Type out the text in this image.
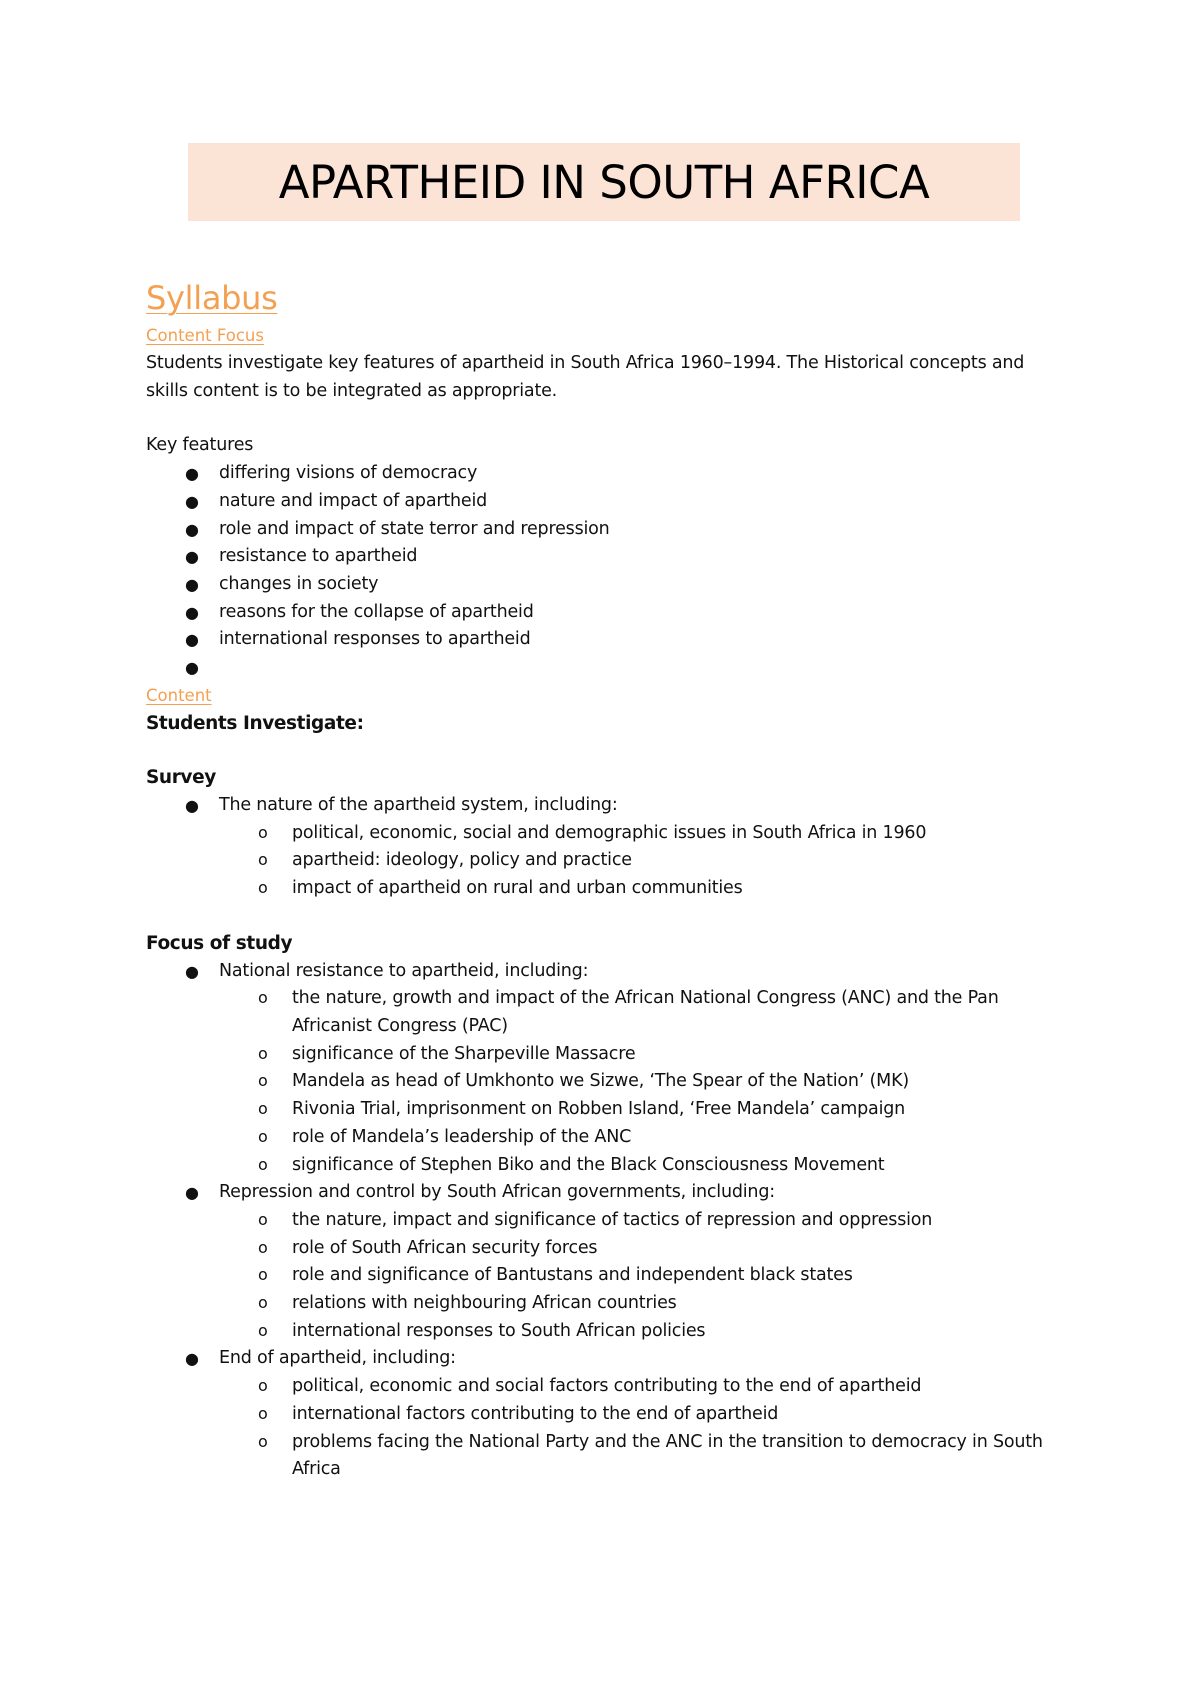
APARTHEID IN SOUTH AFRICA
Syllabus
Content Focus

Students investigate key features of apartheid in South Africa 1960–1994. The Historical concepts and skills content is to be integrated as appropriate.

Key features
● differing visions of democracy
● nature and impact of apartheid
● role and impact of state terror and repression
● resistance to apartheid
● changes in society
● reasons for the collapse of apartheid
● international responses to apartheid
●
Content
Students Investigate:
Survey
● The nature of the apartheid system, including:
o political, economic, social and demographic issues in South Africa in 1960
o apartheid: ideology, policy and practice
o impact of apartheid on rural and urban communities
Focus of study
● National resistance to apartheid, including:
o the nature, growth and impact of the African National Congress (ANC) and the Pan Africanist Congress (PAC)
o significance of the Sharpeville Massacre
o Mandela as head of Umkhonto we Sizwe, ‘The Spear of the Nation’ (MK)
o Rivonia Trial, imprisonment on Robben Island, ‘Free Mandela’ campaign
o role of Mandela’s leadership of the ANC
o significance of Stephen Biko and the Black Consciousness Movement
● Repression and control by South African governments, including:
o the nature, impact and significance of tactics of repression and oppression
o role of South African security forces
o role and significance of Bantustans and independent black states
o relations with neighbouring African countries
o international responses to South African policies
● End of apartheid, including:
o political, economic and social factors contributing to the end of apartheid
o international factors contributing to the end of apartheid
o problems facing the National Party and the ANC in the transition to democracy in South Africa
